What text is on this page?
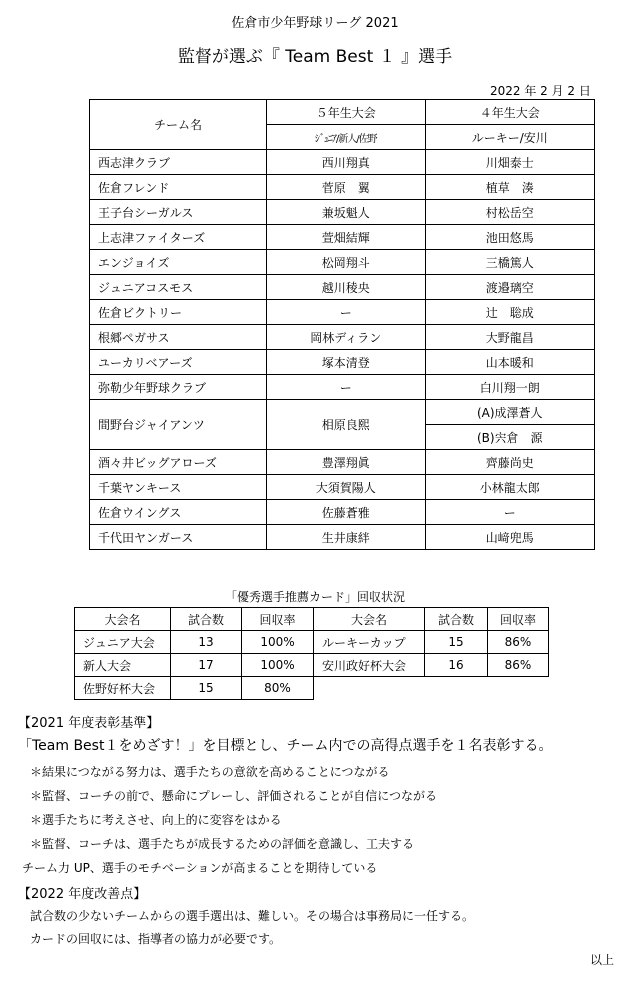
佐倉市少年野球リーグ 2021
監督が選ぶ『 Team Best １ 』選手
2022 年 2 月 2 日
チーム名	５年生大会	４年生大会
	ｼﾞｭﾆｱ/新人/佐野	ルーキー/安川
西志津クラブ	西川翔真	川畑泰士
佐倉フレンド	菅原　翼	植草　湊
王子台シーガルス	兼坂魁人	村松岳空
上志津ファイターズ	萱畑結輝	池田悠馬
エンジョイズ	松岡翔斗	三橋篤人
ジュニアコスモス	越川稜央	渡邉璃空
佐倉ビクトリー	ー	辻　聡成
根郷ペガサス	岡林ディラン	大野龍昌
ユーカリベアーズ	塚本清登	山本暖和
弥勒少年野球クラブ	ー	白川翔一朗
間野台ジャイアンツ	相原良熙	(A)成澤蒼人
		(B)宍倉　源
酒々井ビッグアローズ	豊澤翔眞	齊藤尚史
千葉ヤンキース	大須賀陽人	小林龍太郎
佐倉ウイングス	佐藤蒼雅	ー
千代田ヤンガース	生井康絆	山﨑兜馬
「優秀選手推薦カード」回収状況
大会名	試合数	回収率
ジュニア大会	13	100%
新人大会	17	100%
佐野好杯大会	15	80%
大会名	試合数	回収率
ルーキーカップ	15	86%
安川政好杯大会	16	86%
【2021 年度表彰基準】
「Team Best１をめざす！」を目標とし、チーム内での高得点選手を１名表彰する。
＊結果につながる努力は、選手たちの意欲を高めることにつながる
＊監督、コーチの前で、懸命にプレーし、評価されることが自信につながる
＊選手たちに考えさせ、向上的に変容をはかる
＊監督、コーチは、選手たちが成長するための評価を意識し、工夫する
チーム力 UP、選手のモチベーションが高まることを期待している
【2022 年度改善点】
試合数の少ないチームからの選手選出は、難しい。その場合は事務局に一任する。
カードの回収には、指導者の協力が必要です。
以上
